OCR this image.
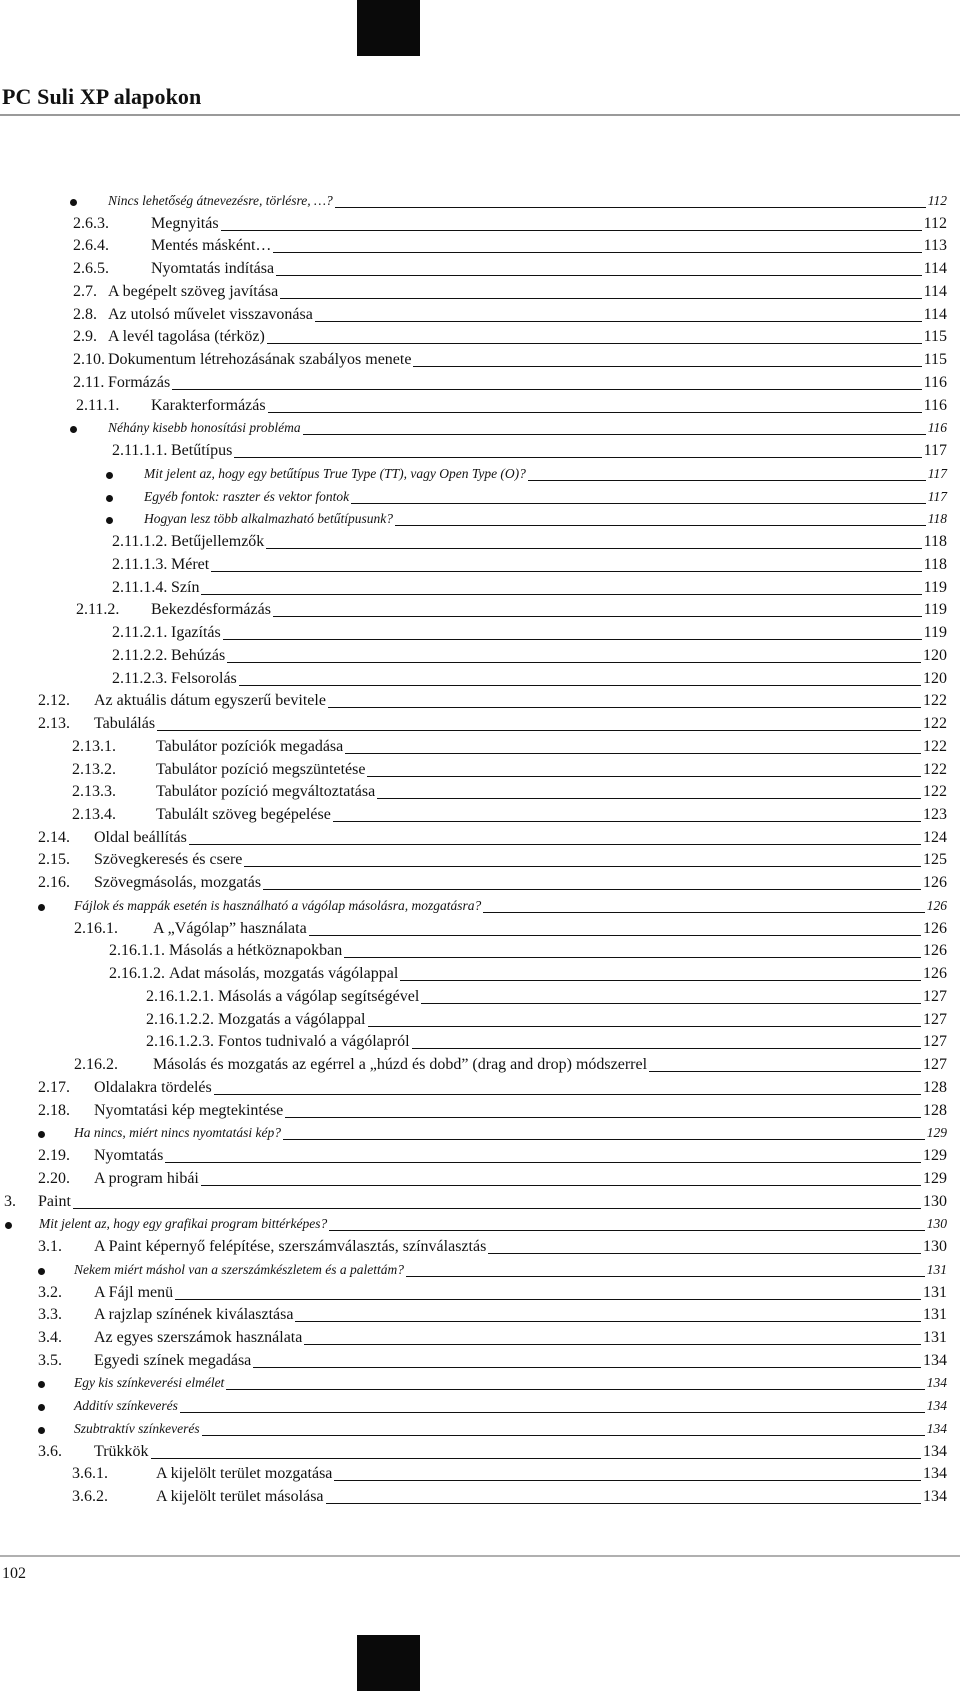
PC Suli XP alapokon
Nincs lehetőség átnevezésre, törlésre, …?	112
2.6.3.	Megnyitás	112
2.6.4.	Mentés másként…	113
2.6.5.	Nyomtatás indítása	114
2.7. A begépelt szöveg javítása	114
2.8. Az utolsó művelet visszavonása	114
2.9. A levél tagolása (térköz)	115
2.10. Dokumentum létrehozásának szabályos menete	115
2.11. Formázás	116
2.11.1. Karakterformázás	116
Néhány kisebb honosítási probléma	116
2.11.1.1. Betűtípus	117
Mit jelent az, hogy egy betűtípus True Type (TT), vagy Open Type (O)?	117
Egyéb fontok: raszter és vektor fontok	117
Hogyan lesz több alkalmazható betűtípusunk?	118
2.11.1.2. Betűjellemzők	118
2.11.1.3. Méret	118
2.11.1.4. Szín	119
2.11.2. Bekezdésformázás	119
2.11.2.1. Igazítás	119
2.11.2.2. Behúzás	120
2.11.2.3. Felsorolás	120
2.12. Az aktuális dátum egyszerű bevitele	122
2.13. Tabulálás	122
2.13.1.	Tabulátor pozíciók megadása	122
2.13.2.	Tabulátor pozíció megszüntetése	122
2.13.3.	Tabulátor pozíció megváltoztatása	122
2.13.4.	Tabulált szöveg begépelése	123
2.14. Oldal beállítás	124
2.15. Szövegkeresés és csere	125
2.16. Szövegmásolás, mozgatás	126
Fájlok és mappák esetén is használható a vágólap másolásra, mozgatásra?	126
2.16.1. A „Vágólap” használata	126
2.16.1.1. Másolás a hétköznapokban	126
2.16.1.2. Adat másolás, mozgatás vágólappal	126
2.16.1.2.1. Másolás a vágólap segítségével	127
2.16.1.2.2. Mozgatás a vágólappal	127
2.16.1.2.3. Fontos tudnivaló a vágólapról	127
2.16.2. Másolás és mozgatás az egérrel a „húzd és dobd” (drag and drop) módszerrel	127
2.17. Oldalakra tördelés	128
2.18. Nyomtatási kép megtekintése	128
Ha nincs, miért nincs nyomtatási kép?	129
2.19. Nyomtatás	129
2.20. A program hibái	129
3. Paint	130
Mit jelent az, hogy egy grafikai program bittérképes?	130
3.1. A Paint képernyő felépítése, szerszámválasztás, színválasztás	130
Nekem miért máshol van a szerszámkészletem és a palettám?	131
3.2. A Fájl menü	131
3.3. A rajzlap színének kiválasztása	131
3.4. Az egyes szerszámok használata	131
3.5. Egyedi színek megadása	134
Egy kis színkeverési elmélet	134
Additív színkeverés	134
Szubtraktív színkeverés	134
3.6. Trükkök	134
3.6.1.	A kijelölt terület mozgatása	134
3.6.2.	A kijelölt terület másolása	134
102
